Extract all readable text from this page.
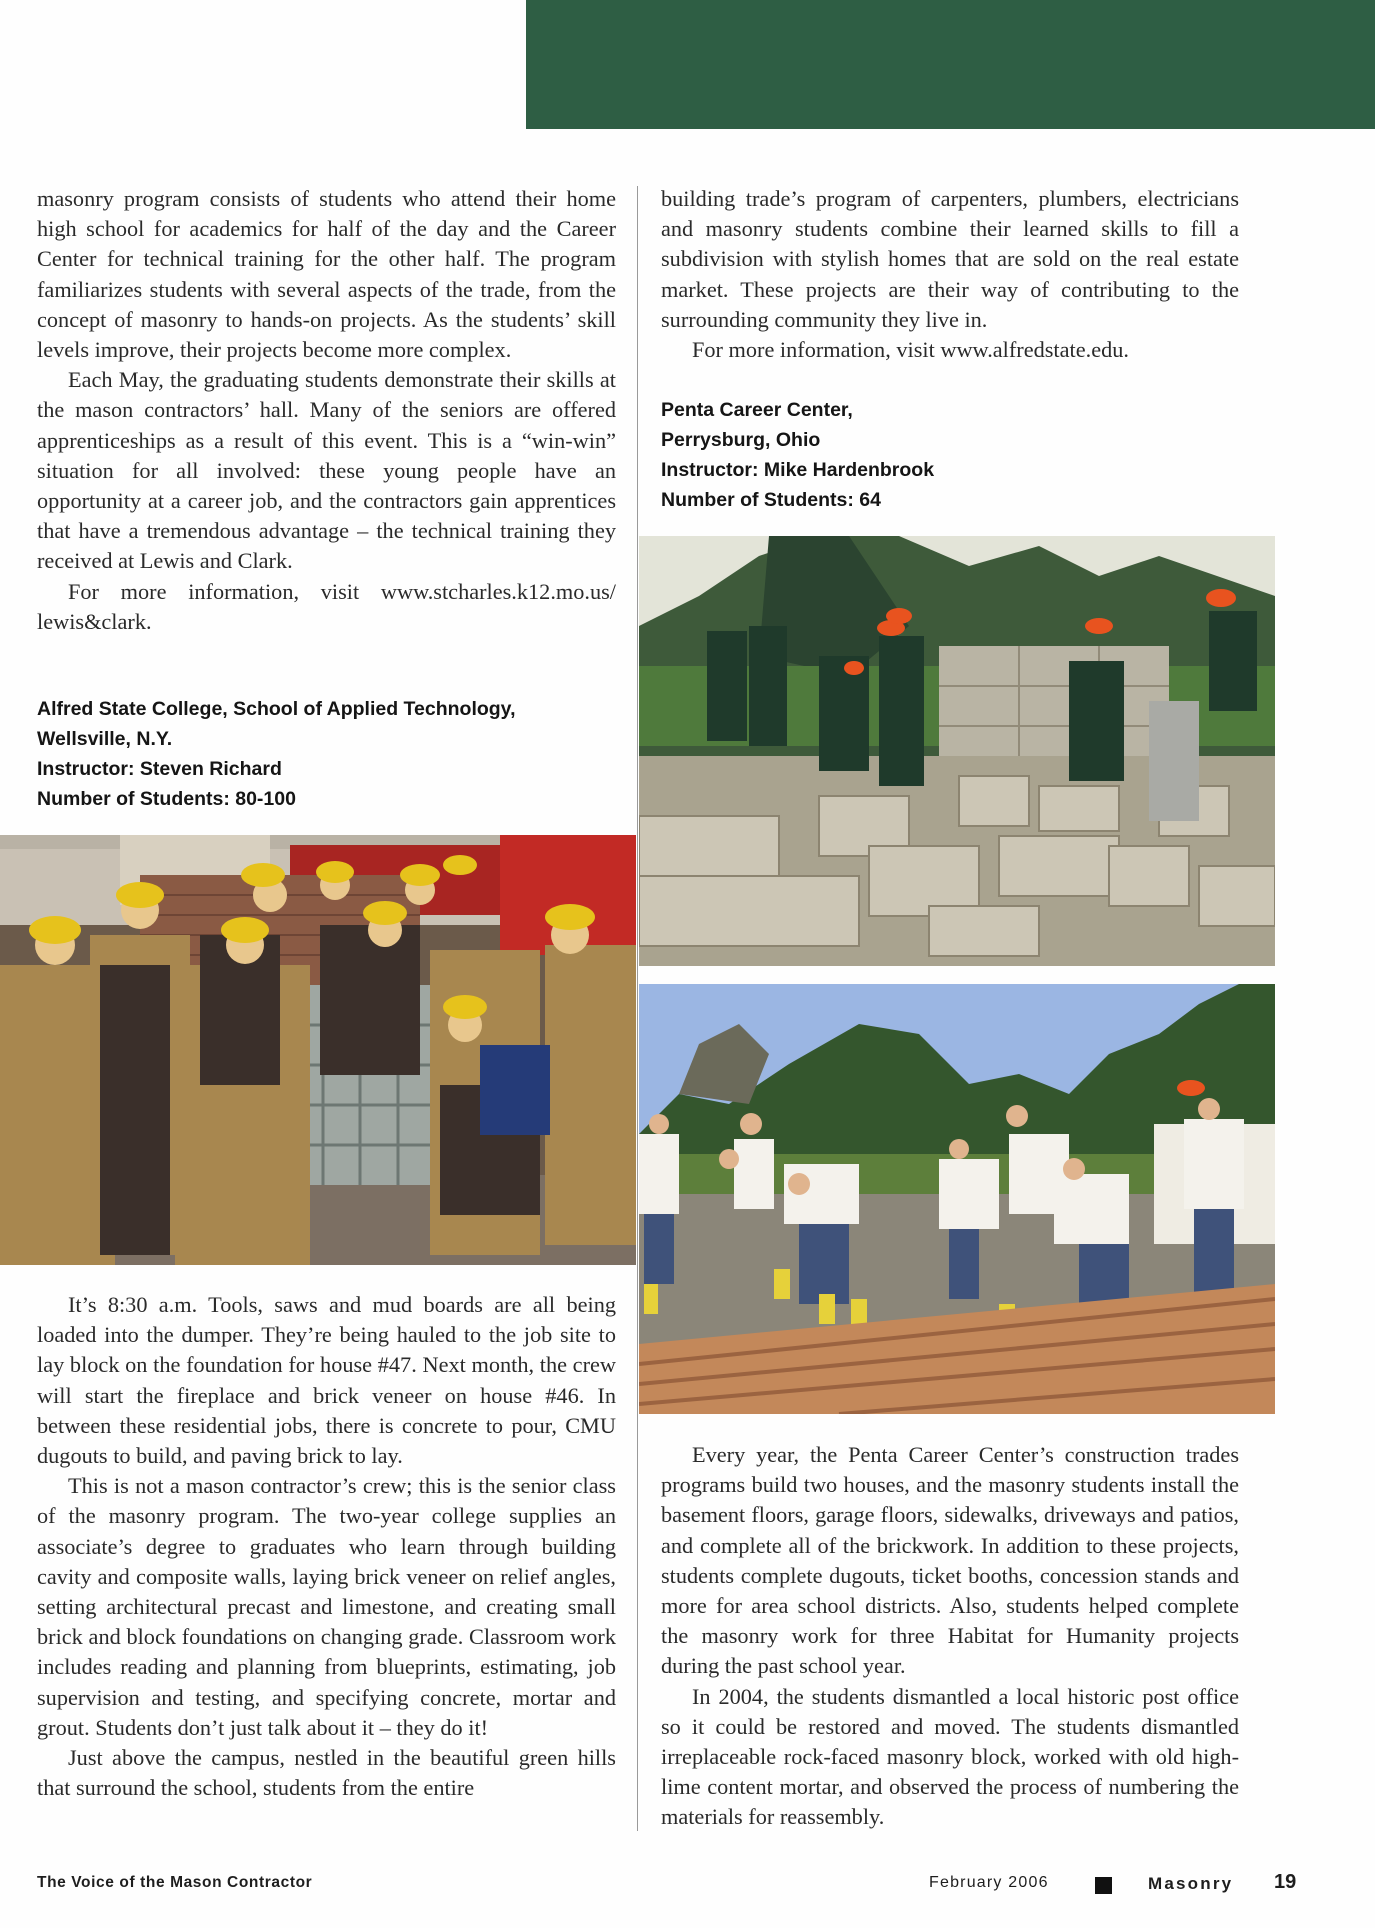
masonry program consists of students who attend their home high school for academics for half of the day and the Career Center for technical training for the other half. The program familiarizes students with several aspects of the trade, from the concept of masonry to hands-on projects. As the students’ skill levels improve, their projects become more complex.

Each May, the graduating students demonstrate their skills at the mason contractors’ hall. Many of the seniors are offered apprenticeships as a result of this event. This is a “win-win” situation for all involved: these young people have an opportunity at a career job, and the contractors gain apprentices that have a tremendous advantage – the technical training they received at Lewis and Clark.

For more information, visit www.stcharles.k12.mo.us/ lewis&clark.

Alfred State College, School of Applied Technology,
Wellsville, N.Y.
Instructor: Steven Richard
Number of Students: 80-100

It’s 8:30 a.m. Tools, saws and mud boards are all being loaded into the dumper. They’re being hauled to the job site to lay block on the foundation for house #47. Next month, the crew will start the fireplace and brick veneer on house #46. In between these residential jobs, there is concrete to pour, CMU dugouts to build, and paving brick to lay.

This is not a mason contractor’s crew; this is the senior class of the masonry program. The two-year college supplies an associate’s degree to graduates who learn through building cavity and composite walls, laying brick veneer on relief angles, setting architectural precast and limestone, and creating small brick and block foundations on changing grade. Classroom work includes reading and planning from blueprints, estimating, job supervision and testing, and specifying concrete, mortar and grout. Students don’t just talk about it – they do it!

Just above the campus, nestled in the beautiful green hills that surround the school, students from the entire

building trade’s program of carpenters, plumbers, electricians and masonry students combine their learned skills to fill a subdivision with stylish homes that are sold on the real estate market. These projects are their way of contributing to the surrounding community they live in.

For more information, visit www.alfredstate.edu.

Penta Career Center,
Perrysburg, Ohio
Instructor: Mike Hardenbrook
Number of Students: 64

Every year, the Penta Career Center’s construction trades programs build two houses, and the masonry students install the basement floors, garage floors, sidewalks, driveways and patios, and complete all of the brickwork. In addition to these projects, students complete dugouts, ticket booths, concession stands and more for area school districts. Also, students helped complete the masonry work for three Habitat for Humanity projects during the past school year.

In 2004, the students dismantled a local historic post office so it could be restored and moved. The students dismantled irreplaceable rock-faced masonry block, worked with old high-lime content mortar, and observed the process of numbering the materials for reassembly.

The Voice of the Mason Contractor	February 2006	Masonry 19
